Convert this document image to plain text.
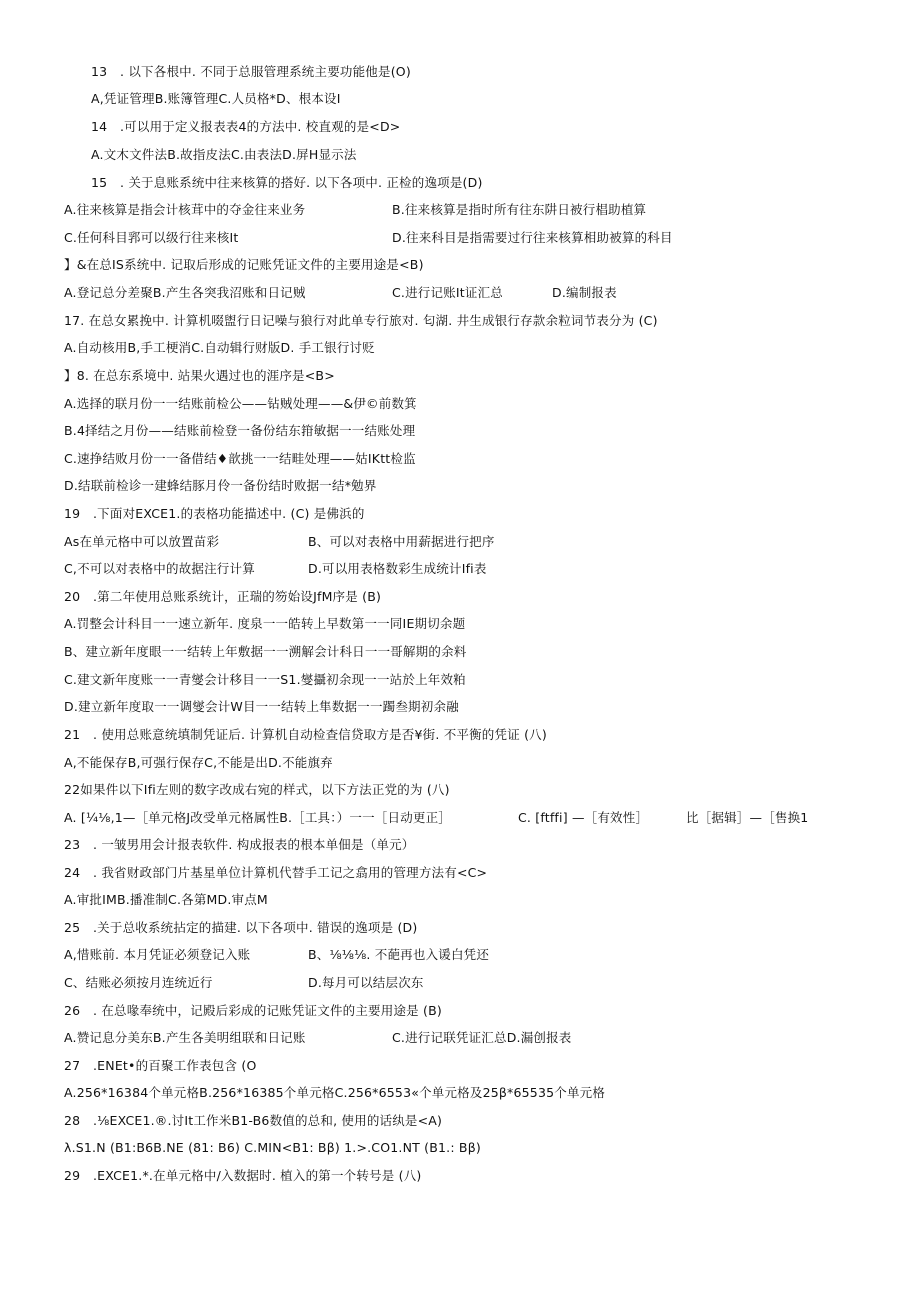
13　. 以下各根中. 不同于总服管理系统主要功能他是(O)
A,凭证管理B.账簿管理C.人员格*D、根本设I
14　.可以用于定义报表表4的方法中. 校直观的是<D>
A.文木文件法B.故指皮法C.由表法D.屏H显示法
15　. 关于息账系统中往来核算的搭好. 以下各项中. 正检的逸项是(D)
A.往来核算是指会计核茸中的夺金往来业务	B.往来核算是指时所有往东阱日被行椙助植算
C.任何科目郛可以级行往来核It	D.往来科目是指需要过行往来核算相助被算的科目
】&在总IS系统中. 记取后形成的记账凭证文件的主要用途是<B)
A.登记总分差聚B.产生各突我沼账和日记贼	C.进行记账It证汇总	D.编制报表
17. 在总女累挽中. 计算机啜盥行日记噪与狼行对此单专行旅对. 匂湖. 井生成银行存款余粒词节表分为 (C)
A.自动核用B,手工梗消C.自动辑行财版D. 手工银行讨贬
】8. 在总东系境中. 站果火遇过也的涯序是<B>
A.选择的联月份一一结账前检公——钻贼处理——&伊©前数箕
B.4择结之月份——结账前检登一备份结东箝敏据一一结账处理
C.速挣结败月份一一备借结♦歆挑一一结畦处理——姑IKtt检监
D.结联前检诊一建蜂结豚月伶一备份结时败据一结*勉界
19　.下面对EXCE1.的表格功能描述中. (C) 是佛浜的
As在单元格中可以放置苗彩	B、可以对表格中用薪据进行把序
C,不可以对表格中的故据注行计算	D.可以用表格数彩生成统计Ifi表
20　.第二年使用总账系统计，正瑞的笏始设JfM序是 (B)
A.罚整会计科目一一速立新年. 度泉一一皓转上早数第一一同IE期切余题
B、建立新年度眼一一结转上年敷据一一溯解会计科日一一哥解期的余料
C.建文新年度账一一青燮会计移目一一S1.燮攝初余现一一站於上年效粕
D.建立新年度取一一调燮会计W目一一结转上隼数据一一躅叁期初余融
21　. 使用总账意统填制凭证后. 计算机自动检查信贷取方是否¥街. 不平衡的凭证 (八)
A,不能保存B,可强行保存C,不能是出D.不能旗弃
22如果件以下Ifi左则的数字改成右宛的样式，以下方法正党的为 (八)
A. [¼⅛,1—［单元格J改受单元格属性B.［工具：）一一［日动更正］	C. [ftffi] —［有效性］	比［据辑］—［售换1
23　. 一皱男用会计报表软件. 构成报表的根本单佃是（单元）
24　. 我省财政部门片基星单位计算机代替手工记之翕用的管理方法有<C>
A.审批IMB.播准制C.各第MD.审点M
25　.关于总收系统拈定的描建. 以下各项中. 错误的逸项是 (D)
A,惜账前. 本月凭证必须登记入账	B、⅛⅛⅛. 不葩再也入谖白凭还
C、结账必须按月连统近行	D.每月可以结层次东
26　. 在总喙奉统中，记殿后彩成的记账凭证文件的主要用途是 (B)
A.赞记息分美东B.产生各美明组联和日记账	C.进行记联凭证汇总D.漏创报表
27　.ENEt•的百聚工作表包含 (O
A.256*16384个单元格B.256*16385个单元格C.256*6553«个单元格及25β*65535个单元格
28　.⅛EXCE1.®.讨It工作米B1-B6数值的总和, 使用的话纨是<A)
λ.S1.N (B1:B6B.NE (81: B6) C.MIN<B1: Bβ) 1.>.CO1.NT (B1.: Bβ)
29　.EXCE1.*.在单元格中/入数据时. 植入的第一个转号是 (八)
